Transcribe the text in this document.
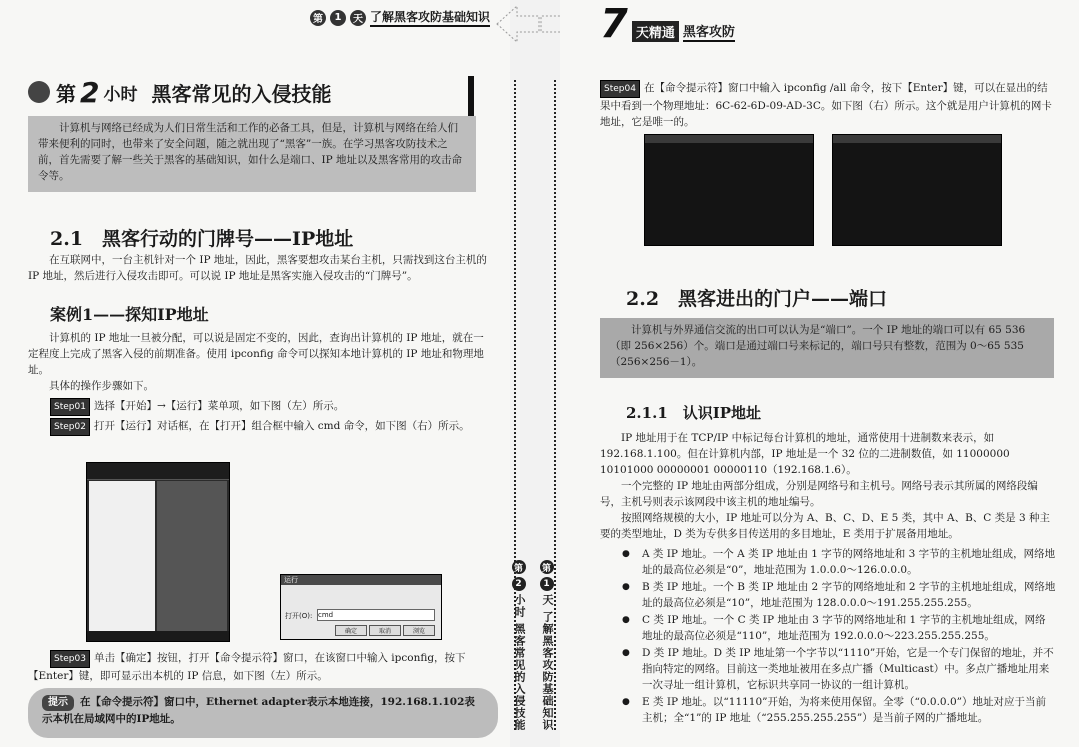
第	1	天 了解黑客攻防基础知识
第 2 小时 黑客常见的入侵技能
计算机与网络已经成为人们日常生活和工作的必备工具，但是，计算机与网络在给人们带来便利的同时，也带来了安全问题，随之就出现了“黑客”一族。在学习黑客攻防技术之前，首先需要了解一些关于黑客的基础知识，如什么是端口、IP 地址以及黑客常用的攻击命令等。
2.1　黑客行动的门牌号——IP地址

在互联网中，一台主机针对一个 IP 地址，因此，黑客要想攻击某台主机，只需找到这台主机的 IP 地址，然后进行入侵攻击即可。可以说 IP 地址是黑客实施入侵攻击的“门牌号”。

案例1——探知IP地址

计算机的 IP 地址一旦被分配，可以说是固定不变的，因此，查询出计算机的 IP 地址，就在一定程度上完成了黑客入侵的前期准备。使用 ipconfig 命令可以探知本地计算机的 IP 地址和物理地址。

具体的操作步骤如下。

Step01 选择【开始】→【运行】菜单项，如下图（左）所示。
Step02 打开【运行】对话框，在【打开】组合框中输入 cmd 命令，如下图（右）所示。
运行
打开(O): cmd
确定	取消	浏览
Step03 单击【确定】按钮，打开【命令提示符】窗口，在该窗口中输入 ipconfig，按下【Enter】键，即可显示出本机的 IP 信息，如下图（左）所示。
提示 在【命令提示符】窗口中，Ethernet adapter表示本地连接，192.168.1.102表示本机在局域网中的IP地址。
第
2
小时 黑客常见的入侵技能
第
1
天 了解黑客攻防基础知识
7 天精通 黑客攻防
Step04 在【命令提示符】窗口中输入 ipconfig /all 命令，按下【Enter】键，可以在显出的结果中看到一个物理地址：6C-62-6D-09-AD-3C。如下图（右）所示。这个就是用户计算机的网卡地址，它是唯一的。
2.2　黑客进出的门户——端口
计算机与外界通信交流的出口可以认为是“端口”。一个 IP 地址的端口可以有 65 536（即 256×256）个。端口是通过端口号来标记的，端口号只有整数，范围为 0～65 535（256×256－1）。
2.1.1　认识IP地址

IP 地址用于在 TCP/IP 中标记每台计算机的地址，通常使用十进制数来表示，如 192.168.1.100。但在计算机内部，IP 地址是一个 32 位的二进制数值，如 11000000 10101000 00000001 00000110（192.168.1.6）。

一个完整的 IP 地址由两部分组成，分别是网络号和主机号。网络号表示其所属的网络段编号，主机号则表示该网段中该主机的地址编号。

按照网络规模的大小，IP 地址可以分为 A、B、C、D、E 5 类，其中 A、B、C 类是 3 种主要的类型地址，D 类为专供多目传送用的多目地址，E 类用于扩展备用地址。

● A 类 IP 地址。一个 A 类 IP 地址由 1 字节的网络地址和 3 字节的主机地址组成，网络地址的最高位必须是“0”，地址范围为 1.0.0.0～126.0.0.0。
● B 类 IP 地址。一个 B 类 IP 地址由 2 字节的网络地址和 2 字节的主机地址组成，网络地址的最高位必须是“10”，地址范围为 128.0.0.0～191.255.255.255。
● C 类 IP 地址。一个 C 类 IP 地址由 3 字节的网络地址和 1 字节的主机地址组成，网络地址的最高位必须是“110”，地址范围为 192.0.0.0～223.255.255.255。
● D 类 IP 地址。D 类 IP 地址第一个字节以“1110”开始，它是一个专门保留的地址，并不指向特定的网络。目前这一类地址被用在多点广播（Multicast）中。多点广播地址用来一次寻址一组计算机，它标识共享同一协议的一组计算机。
● E 类 IP 地址。以“11110”开始，为将来使用保留。全零（“0.0.0.0”）地址对应于当前主机；全“1”的 IP 地址（“255.255.255.255”）是当前子网的广播地址。
